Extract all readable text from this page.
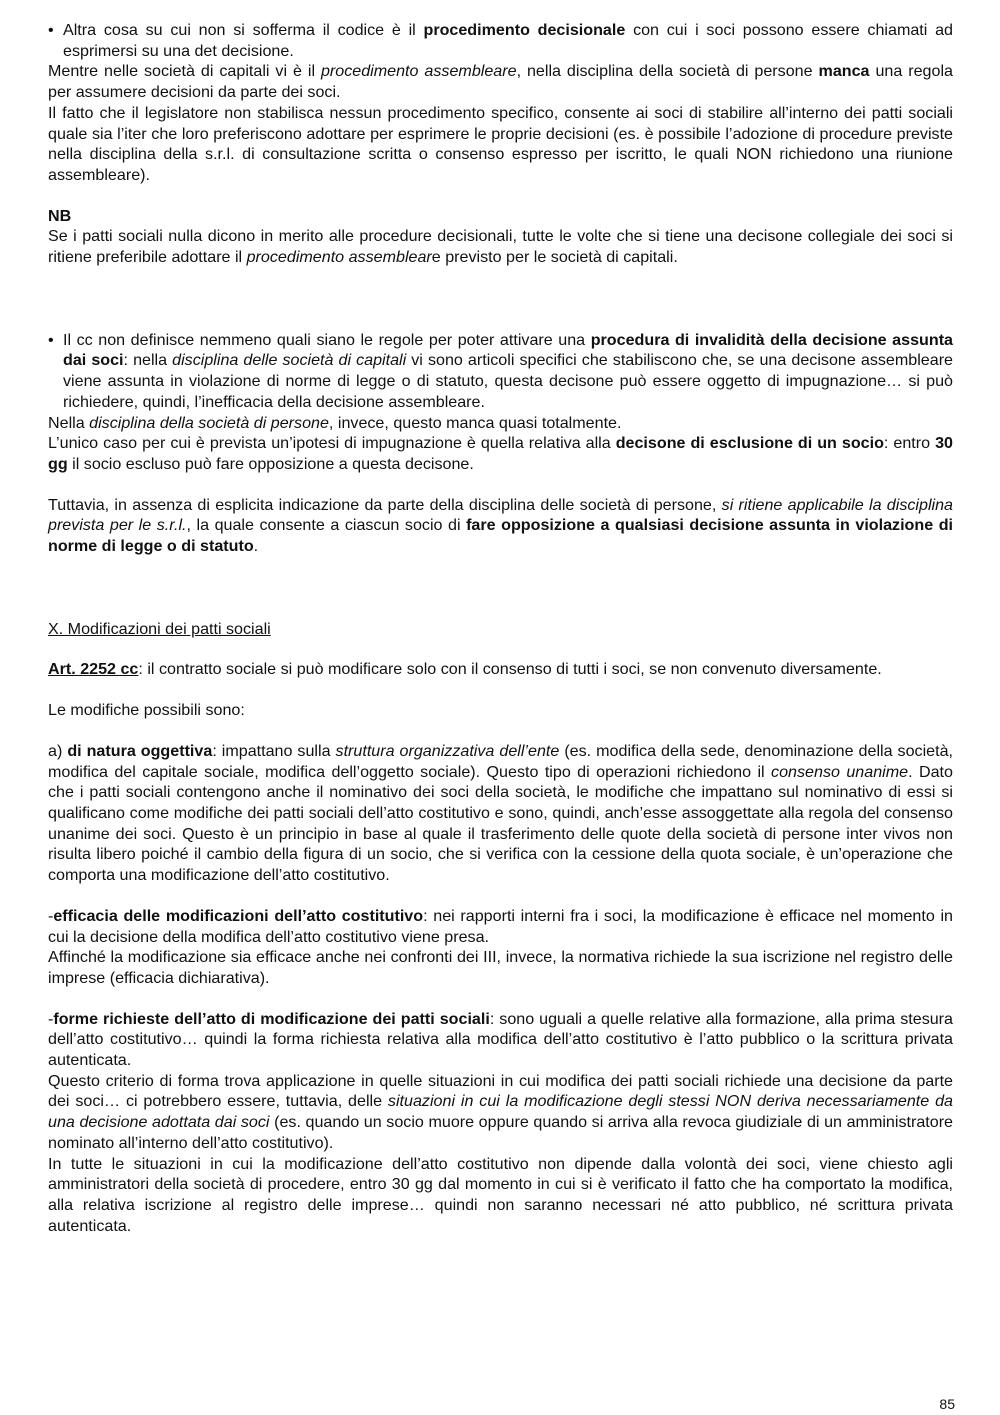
• Altra cosa su cui non si sofferma il codice è il procedimento decisionale con cui i soci possono essere chiamati ad esprimersi su una det decisione.

Mentre nelle società di capitali vi è il procedimento assembleare, nella disciplina della società di persone manca una regola per assumere decisioni da parte dei soci.

Il fatto che il legislatore non stabilisca nessun procedimento specifico, consente ai soci di stabilire all’interno dei patti sociali quale sia l’iter che loro preferiscono adottare per esprimere le proprie decisioni (es. è possibile l’adozione di procedure previste nella disciplina della s.r.l. di consultazione scritta o consenso espresso per iscritto, le quali NON richiedono una riunione assembleare).

NB

Se i patti sociali nulla dicono in merito alle procedure decisionali, tutte le volte che si tiene una decisone collegiale dei soci si ritiene preferibile adottare il procedimento assembleare previsto per le società di capitali.

• Il cc non definisce nemmeno quali siano le regole per poter attivare una procedura di invalidità della decisione assunta dai soci: nella disciplina delle società di capitali vi sono articoli specifici che stabiliscono che, se una decisone assembleare viene assunta in violazione di norme di legge o di statuto, questa decisone può essere oggetto di impugnazione… si può richiedere, quindi, l’inefficacia della decisione assembleare.

Nella disciplina della società di persone, invece, questo manca quasi totalmente.

L’unico caso per cui è prevista un’ipotesi di impugnazione è quella relativa alla decisone di esclusione di un socio: entro 30 gg il socio escluso può fare opposizione a questa decisone.

Tuttavia, in assenza di esplicita indicazione da parte della disciplina delle società di persone, si ritiene applicabile la disciplina prevista per le s.r.l., la quale consente a ciascun socio di fare opposizione a qualsiasi decisione assunta in violazione di norme di legge o di statuto.

X. Modificazioni dei patti sociali

Art. 2252 cc: il contratto sociale si può modificare solo con il consenso di tutti i soci, se non convenuto diversamente.

Le modifiche possibili sono:

a) di natura oggettiva: impattano sulla struttura organizzativa dell’ente (es. modifica della sede, denominazione della società, modifica del capitale sociale, modifica dell’oggetto sociale). Questo tipo di operazioni richiedono il consenso unanime. Dato che i patti sociali contengono anche il nominativo dei soci della società, le modifiche che impattano sul nominativo di essi si qualificano come modifiche dei patti sociali dell’atto costitutivo e sono, quindi, anch’esse assoggettate alla regola del consenso unanime dei soci. Questo è un principio in base al quale il trasferimento delle quote della società di persone inter vivos non risulta libero poiché il cambio della figura di un socio, che si verifica con la cessione della quota sociale, è un’operazione che comporta una modificazione dell’atto costitutivo.

-efficacia delle modificazioni dell’atto costitutivo: nei rapporti interni fra i soci, la modificazione è efficace nel momento in cui la decisione della modifica dell’atto costitutivo viene presa.

Affinché la modificazione sia efficace anche nei confronti dei III, invece, la normativa richiede la sua iscrizione nel registro delle imprese (efficacia dichiarativa).

-forme richieste dell’atto di modificazione dei patti sociali: sono uguali a quelle relative alla formazione, alla prima stesura dell’atto costitutivo… quindi la forma richiesta relativa alla modifica dell’atto costitutivo è l’atto pubblico o la scrittura privata autenticata.

Questo criterio di forma trova applicazione in quelle situazioni in cui modifica dei patti sociali richiede una decisione da parte dei soci… ci potrebbero essere, tuttavia, delle situazioni in cui la modificazione degli stessi NON deriva necessariamente da una decisione adottata dai soci (es. quando un socio muore oppure quando si arriva alla revoca giudiziale di un amministratore nominato all’interno dell’atto costitutivo).

In tutte le situazioni in cui la modificazione dell’atto costitutivo non dipende dalla volontà dei soci, viene chiesto agli amministratori della società di procedere, entro 30 gg dal momento in cui si è verificato il fatto che ha comportato la modifica, alla relativa iscrizione al registro delle imprese… quindi non saranno necessari né atto pubblico, né scrittura privata autenticata.

85
